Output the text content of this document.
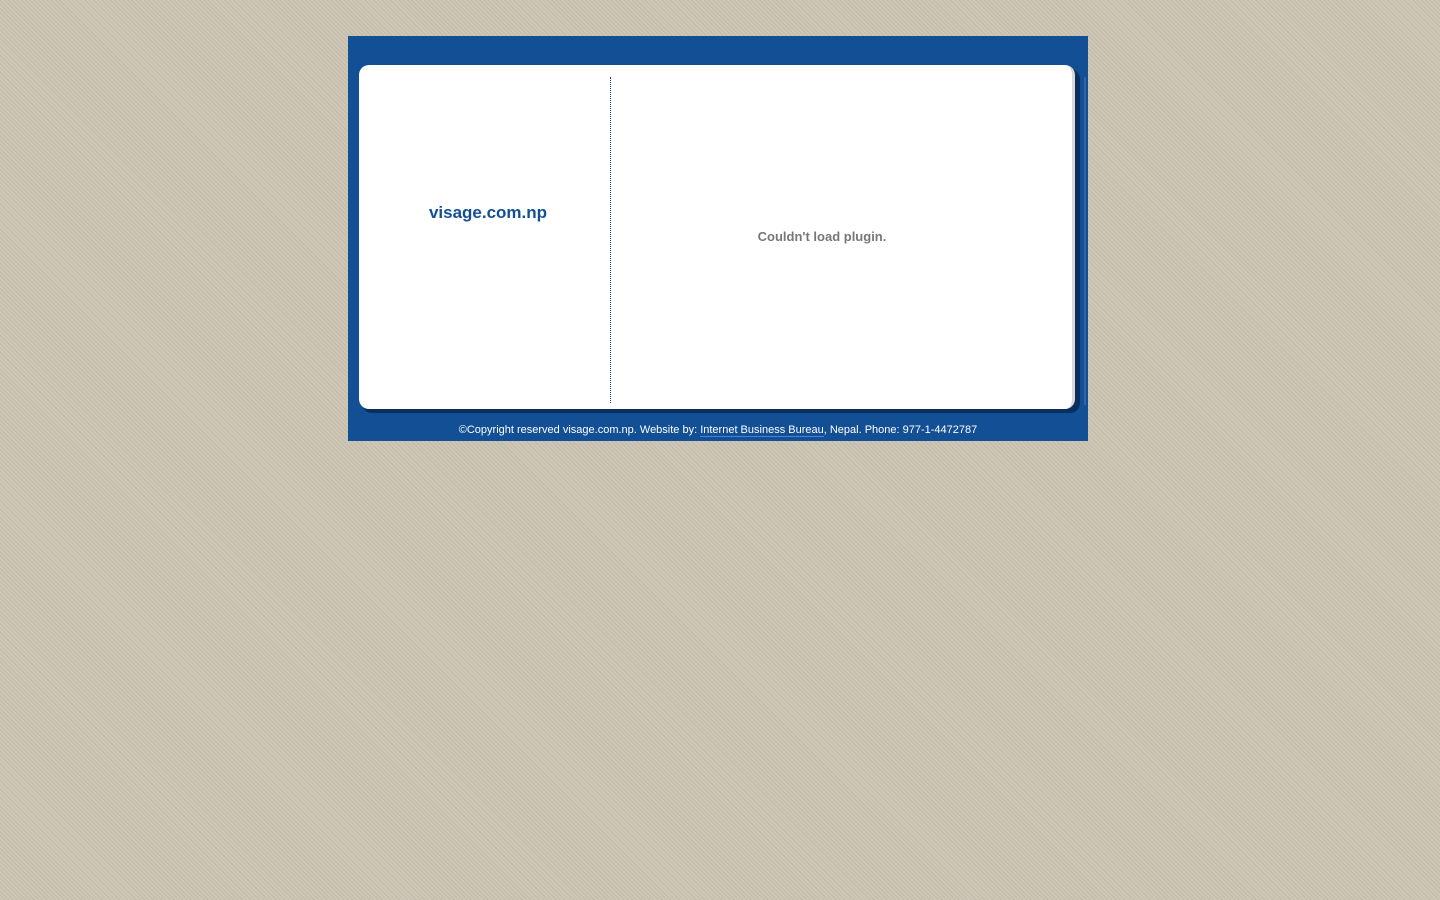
visage.com.np
Couldn't load plugin.
©Copyright reserved visage.com.np. Website by: Internet Business Bureau, Nepal. Phone: 977-1-4472787
